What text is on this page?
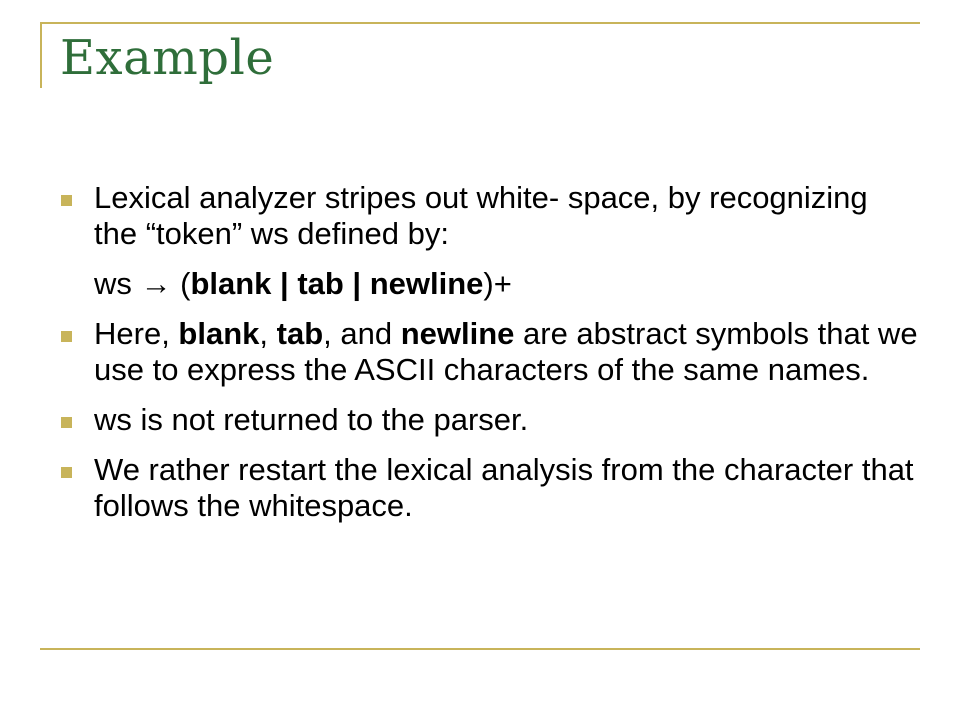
Example
Lexical analyzer stripes out white- space, by recognizing the “token” ws defined by:
ws → (blank | tab | newline)+
Here, blank, tab, and newline are abstract symbols that we use to express the ASCII characters of the same names.
ws is not returned to the parser.
We rather restart the lexical analysis from the character that follows the whitespace.
